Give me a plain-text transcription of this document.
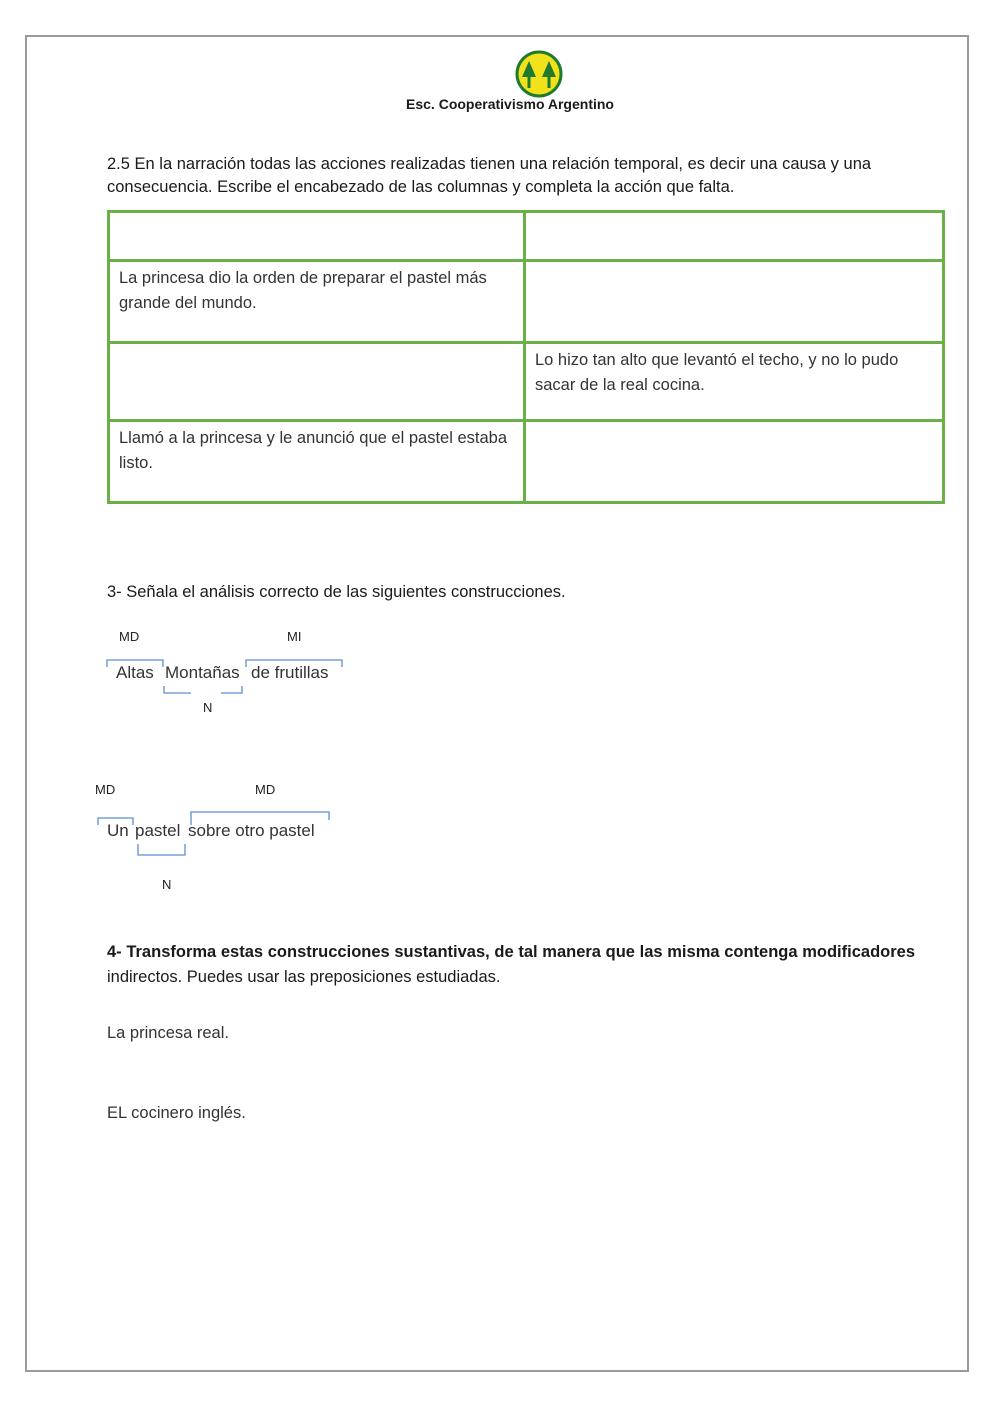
Esc. Cooperativismo Argentino
2.5 En la narración todas las acciones realizadas tienen una relación temporal, es decir una causa y una consecuencia. Escribe el encabezado de las columnas y completa la acción que falta.

La princesa dio la orden de preparar el pastel más grande del mundo.	
	Lo hizo tan alto que levantó el techo, y no lo pudo sacar de la real cocina.
Llamó a la princesa y le anunció que el pastel estaba listo.	
3- Señala el análisis correcto de las siguientes construcciones.
MD	MI
Altas Montañas de frutillas
N
MD	MD
Un pastel sobre otro pastel
N
4- Transforma estas construcciones sustantivas, de tal manera que las misma contenga modificadores indirectos. Puedes usar las preposiciones estudiadas.
La princesa real.
EL cocinero inglés.
